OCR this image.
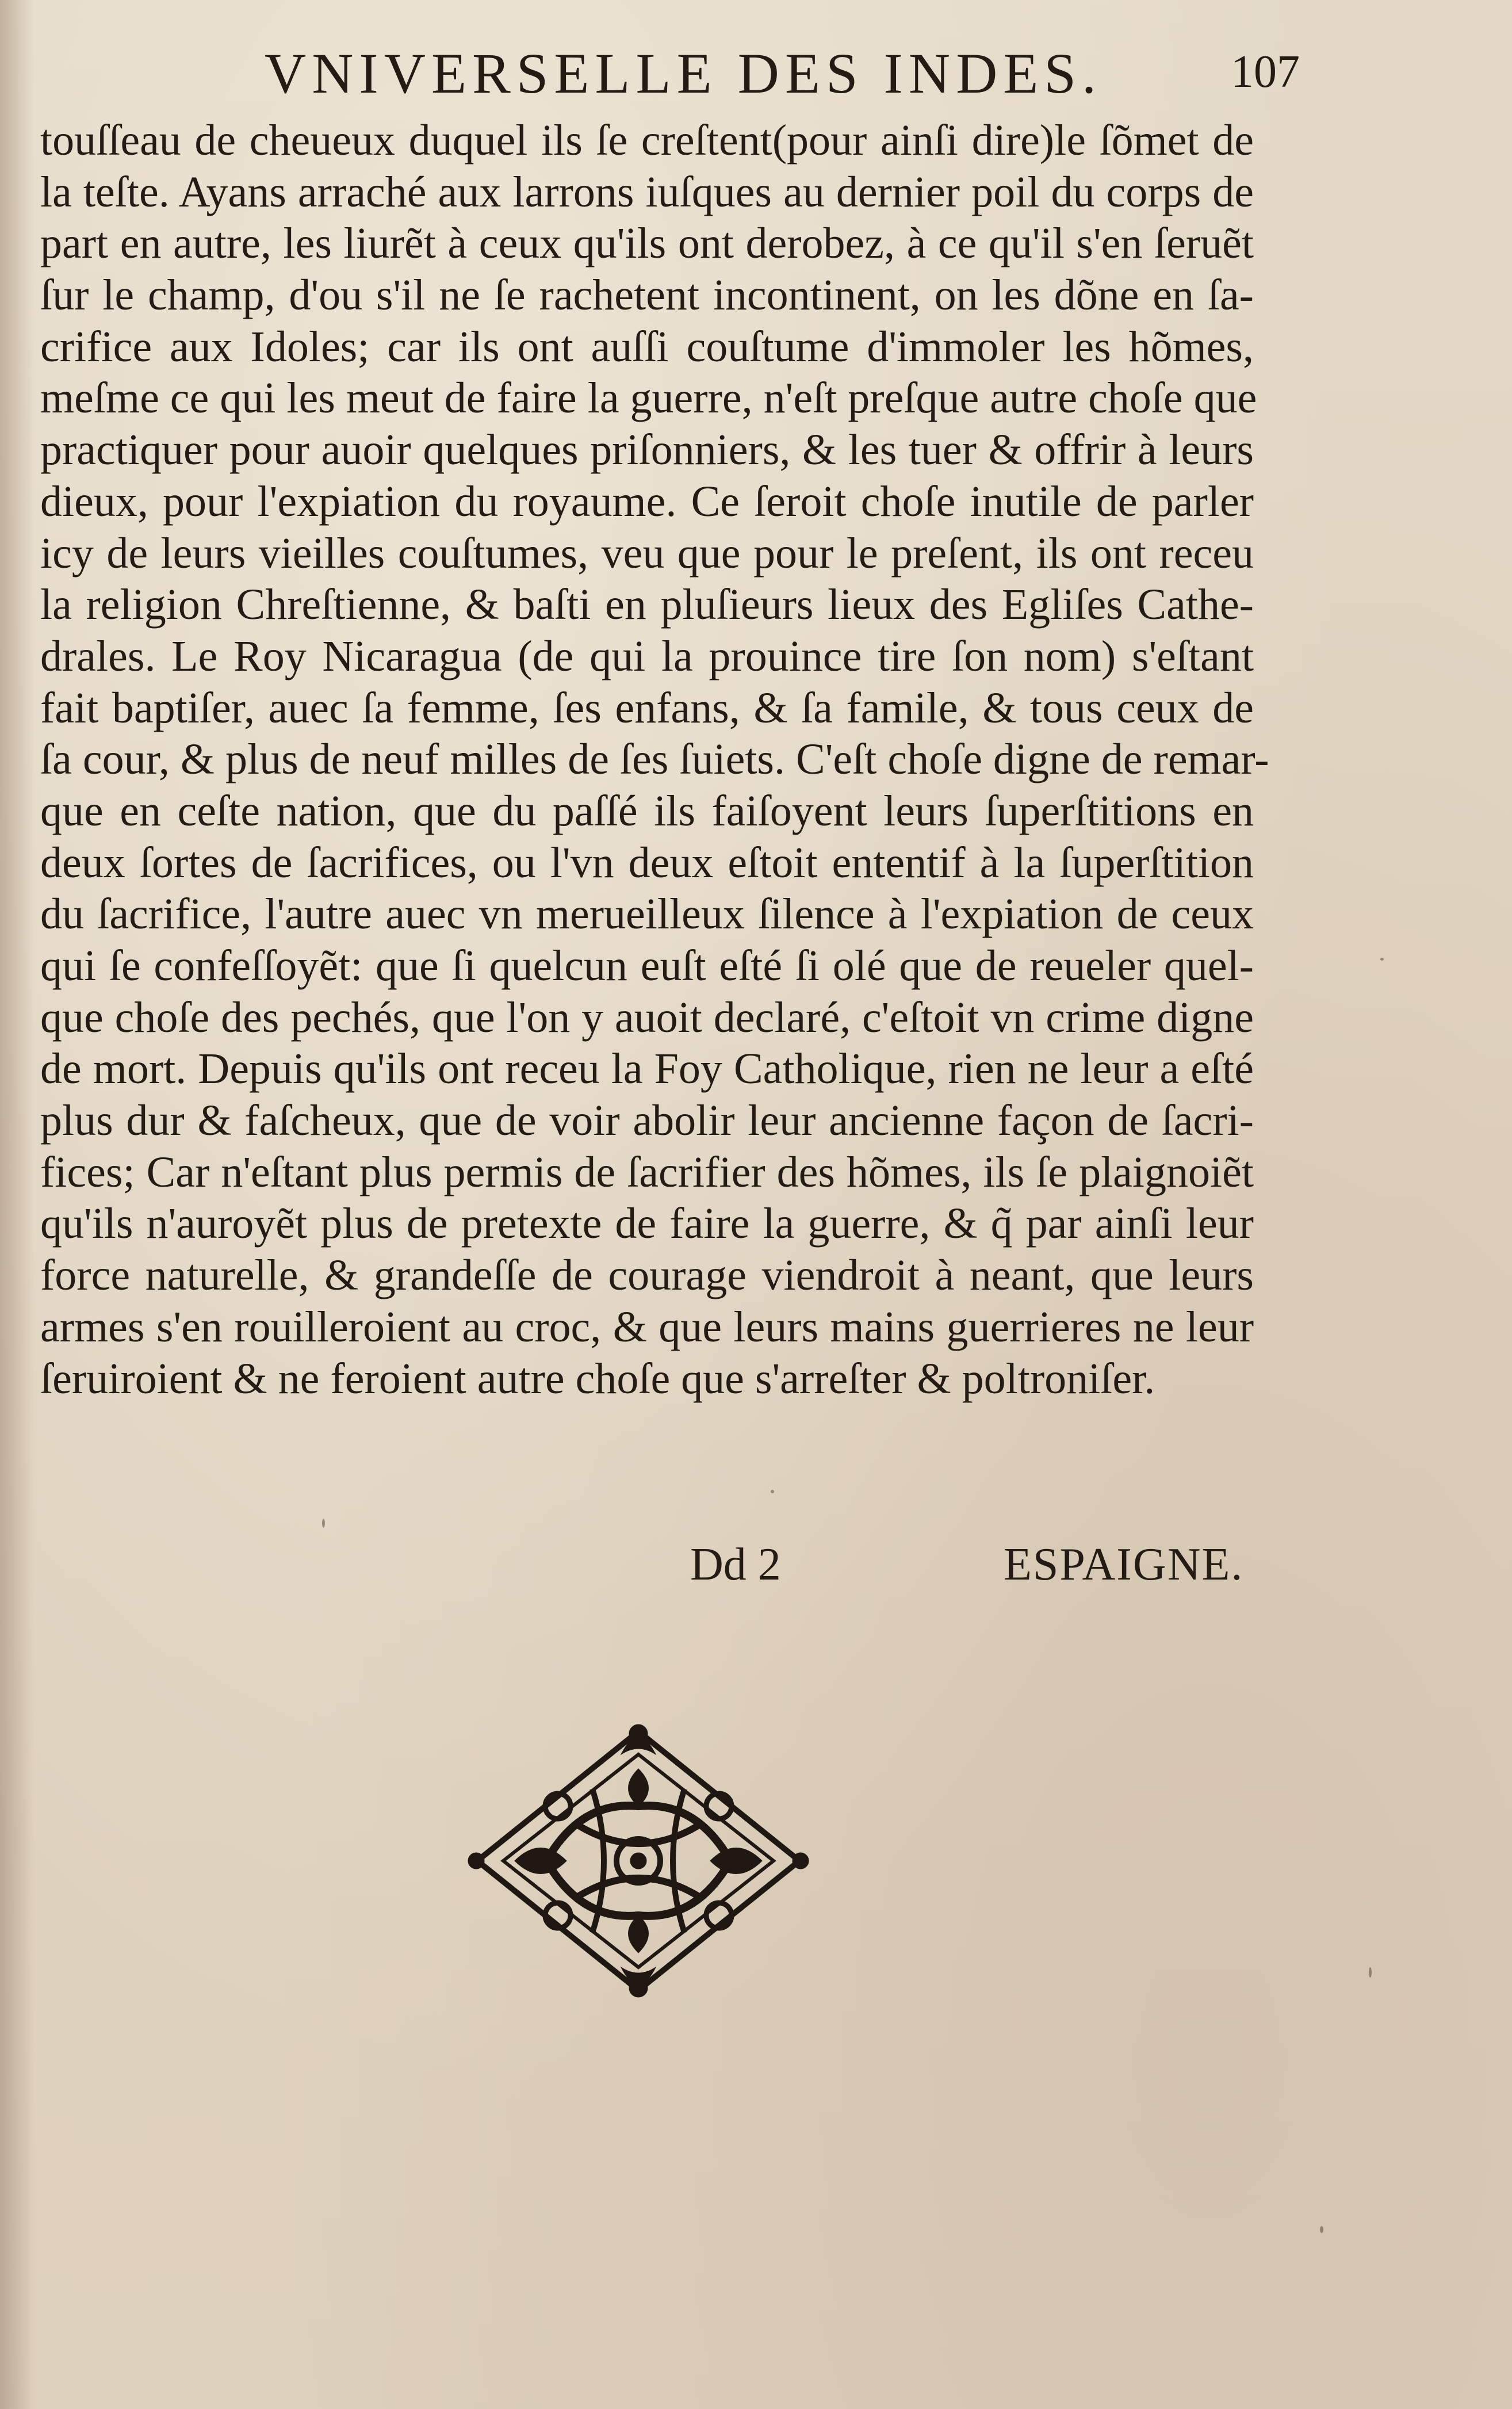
VNIVERSELLE DES INDES.	107
touſſeau de cheueux duquel ils ſe creſtent(pour ainſi dire)le ſõmet de
la teſte. Ayans arraché aux larrons iuſques au dernier poil du corps de
part en autre, les liurẽt à ceux qu'ils ont derobez, à ce qu'il s'en ſeruẽt
ſur le champ, d'ou s'il ne ſe rachetent incontinent, on les dõne en ſa-
crifice aux Idoles; car ils ont auſſi couſtume d'immoler les hõmes,
meſme ce qui les meut de faire la guerre, n'eſt preſque autre choſe que
practiquer pour auoir quelques priſonniers, & les tuer & offrir à leurs
dieux, pour l'expiation du royaume. Ce ſeroit choſe inutile de parler
icy de leurs vieilles couſtumes, veu que pour le preſent, ils ont receu
la religion Chreſtienne, & baſti en pluſieurs lieux des Egliſes Cathe-
drales. Le Roy Nicaragua (de qui la prouince tire ſon nom) s'eſtant
fait baptiſer, auec ſa femme, ſes enfans, & ſa famile, & tous ceux de
ſa cour, & plus de neuf milles de ſes ſuiets. C'eſt choſe digne de remar-
que en ceſte nation, que du paſſé ils faiſoyent leurs ſuperſtitions en
deux ſortes de ſacrifices, ou l'vn deux eſtoit ententif à la ſuperſtition
du ſacrifice, l'autre auec vn merueilleux ſilence à l'expiation de ceux
qui ſe confeſſoyẽt: que ſi quelcun euſt eſté ſi olé que de reueler quel-
que choſe des pechés, que l'on y auoit declaré, c'eſtoit vn crime digne
de mort. Depuis qu'ils ont receu la Foy Catholique, rien ne leur a eſté
plus dur & faſcheux, que de voir abolir leur ancienne façon de ſacri-
fices; Car n'eſtant plus permis de ſacrifier des hõmes, ils ſe plaignoiẽt
qu'ils n'auroyẽt plus de pretexte de faire la guerre, & q̃ par ainſi leur
force naturelle, & grandeſſe de courage viendroit à neant, que leurs
armes s'en rouilleroient au croc, & que leurs mains guerrieres ne leur
ſeruiroient & ne feroient autre choſe que s'arreſter & poltroniſer.
Dd 2	ESPAIGNE.
